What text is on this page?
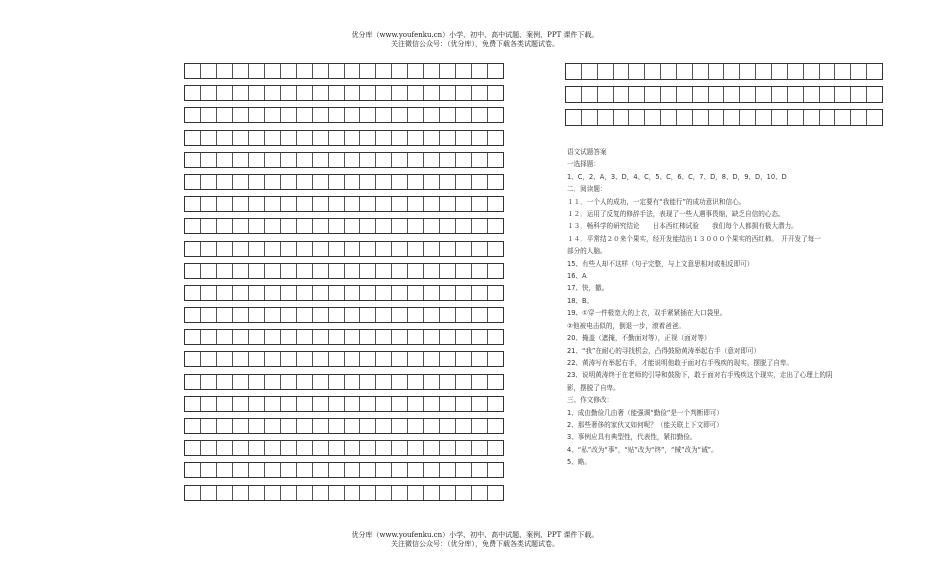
优分库（www.youfenku.cn）小学、初中、高中试题、案例、PPT 课件下载。
关注微信公众号：（优分库），免费下载各类试题试卷。
语文试题答案
一选择题：
1、C，2、A，3、D，4、C，5、C，6、C，7、D，8、D，9、D，10、D
二．阅读题：
１１．一个人的成功，一定要有“我能行”的成功意识和信心。
１２．运用了反复的修辞手法，表现了一些人遇事畏缩，缺乏自信的心态。
１３．畅科学的研究结论　　日本西红柿试验　　我们每个人都拥有极大潜力。
１４．平常结２０来个果实，经开发能结出１３０００个果实的西红柿。　开开发了每一
部分的人脑。
15、有些人却不这样（句子完整，与上文意思相对或相反即可）
16、A
17、快，撤。
18、B。
19、①穿一件极宽大的上衣，双手紧紧插在大口袋里。
②他被电击似的，倒退一步，滚着爸爸。
20、掩盖（遮掩，不勤面对等），正视（面对等）
21、“我”在耐心的寻找机会，凸得鼓励黄涛举起右手（意对即可）
22、黄涛写有举起右手，才能说明他敢于面对右手残疾的现实，摆脱了自卑。
23、说明黄涛终于在老师的引导和鼓励下，敢于面对右手残疾这个现实，走出了心理上的阴
影，摆脱了自卑。
三、作文修改：
1、成由勤俭几由奢（能强调“勤俭”是一个判断即可）
2、那些奢侈的家伙又如何呢？（能关联上下文即可）
3、事例应具有典型性，代表性，紧扣勤俭。
4、“私”改为“事”，“贴”改为“终”，“械”改为“诫”。
5、略。
优分库（www.youfenku.cn）小学、初中、高中试题、案例、PPT 课件下载。
关注微信公众号：（优分库），免费下载各类试题试卷。
